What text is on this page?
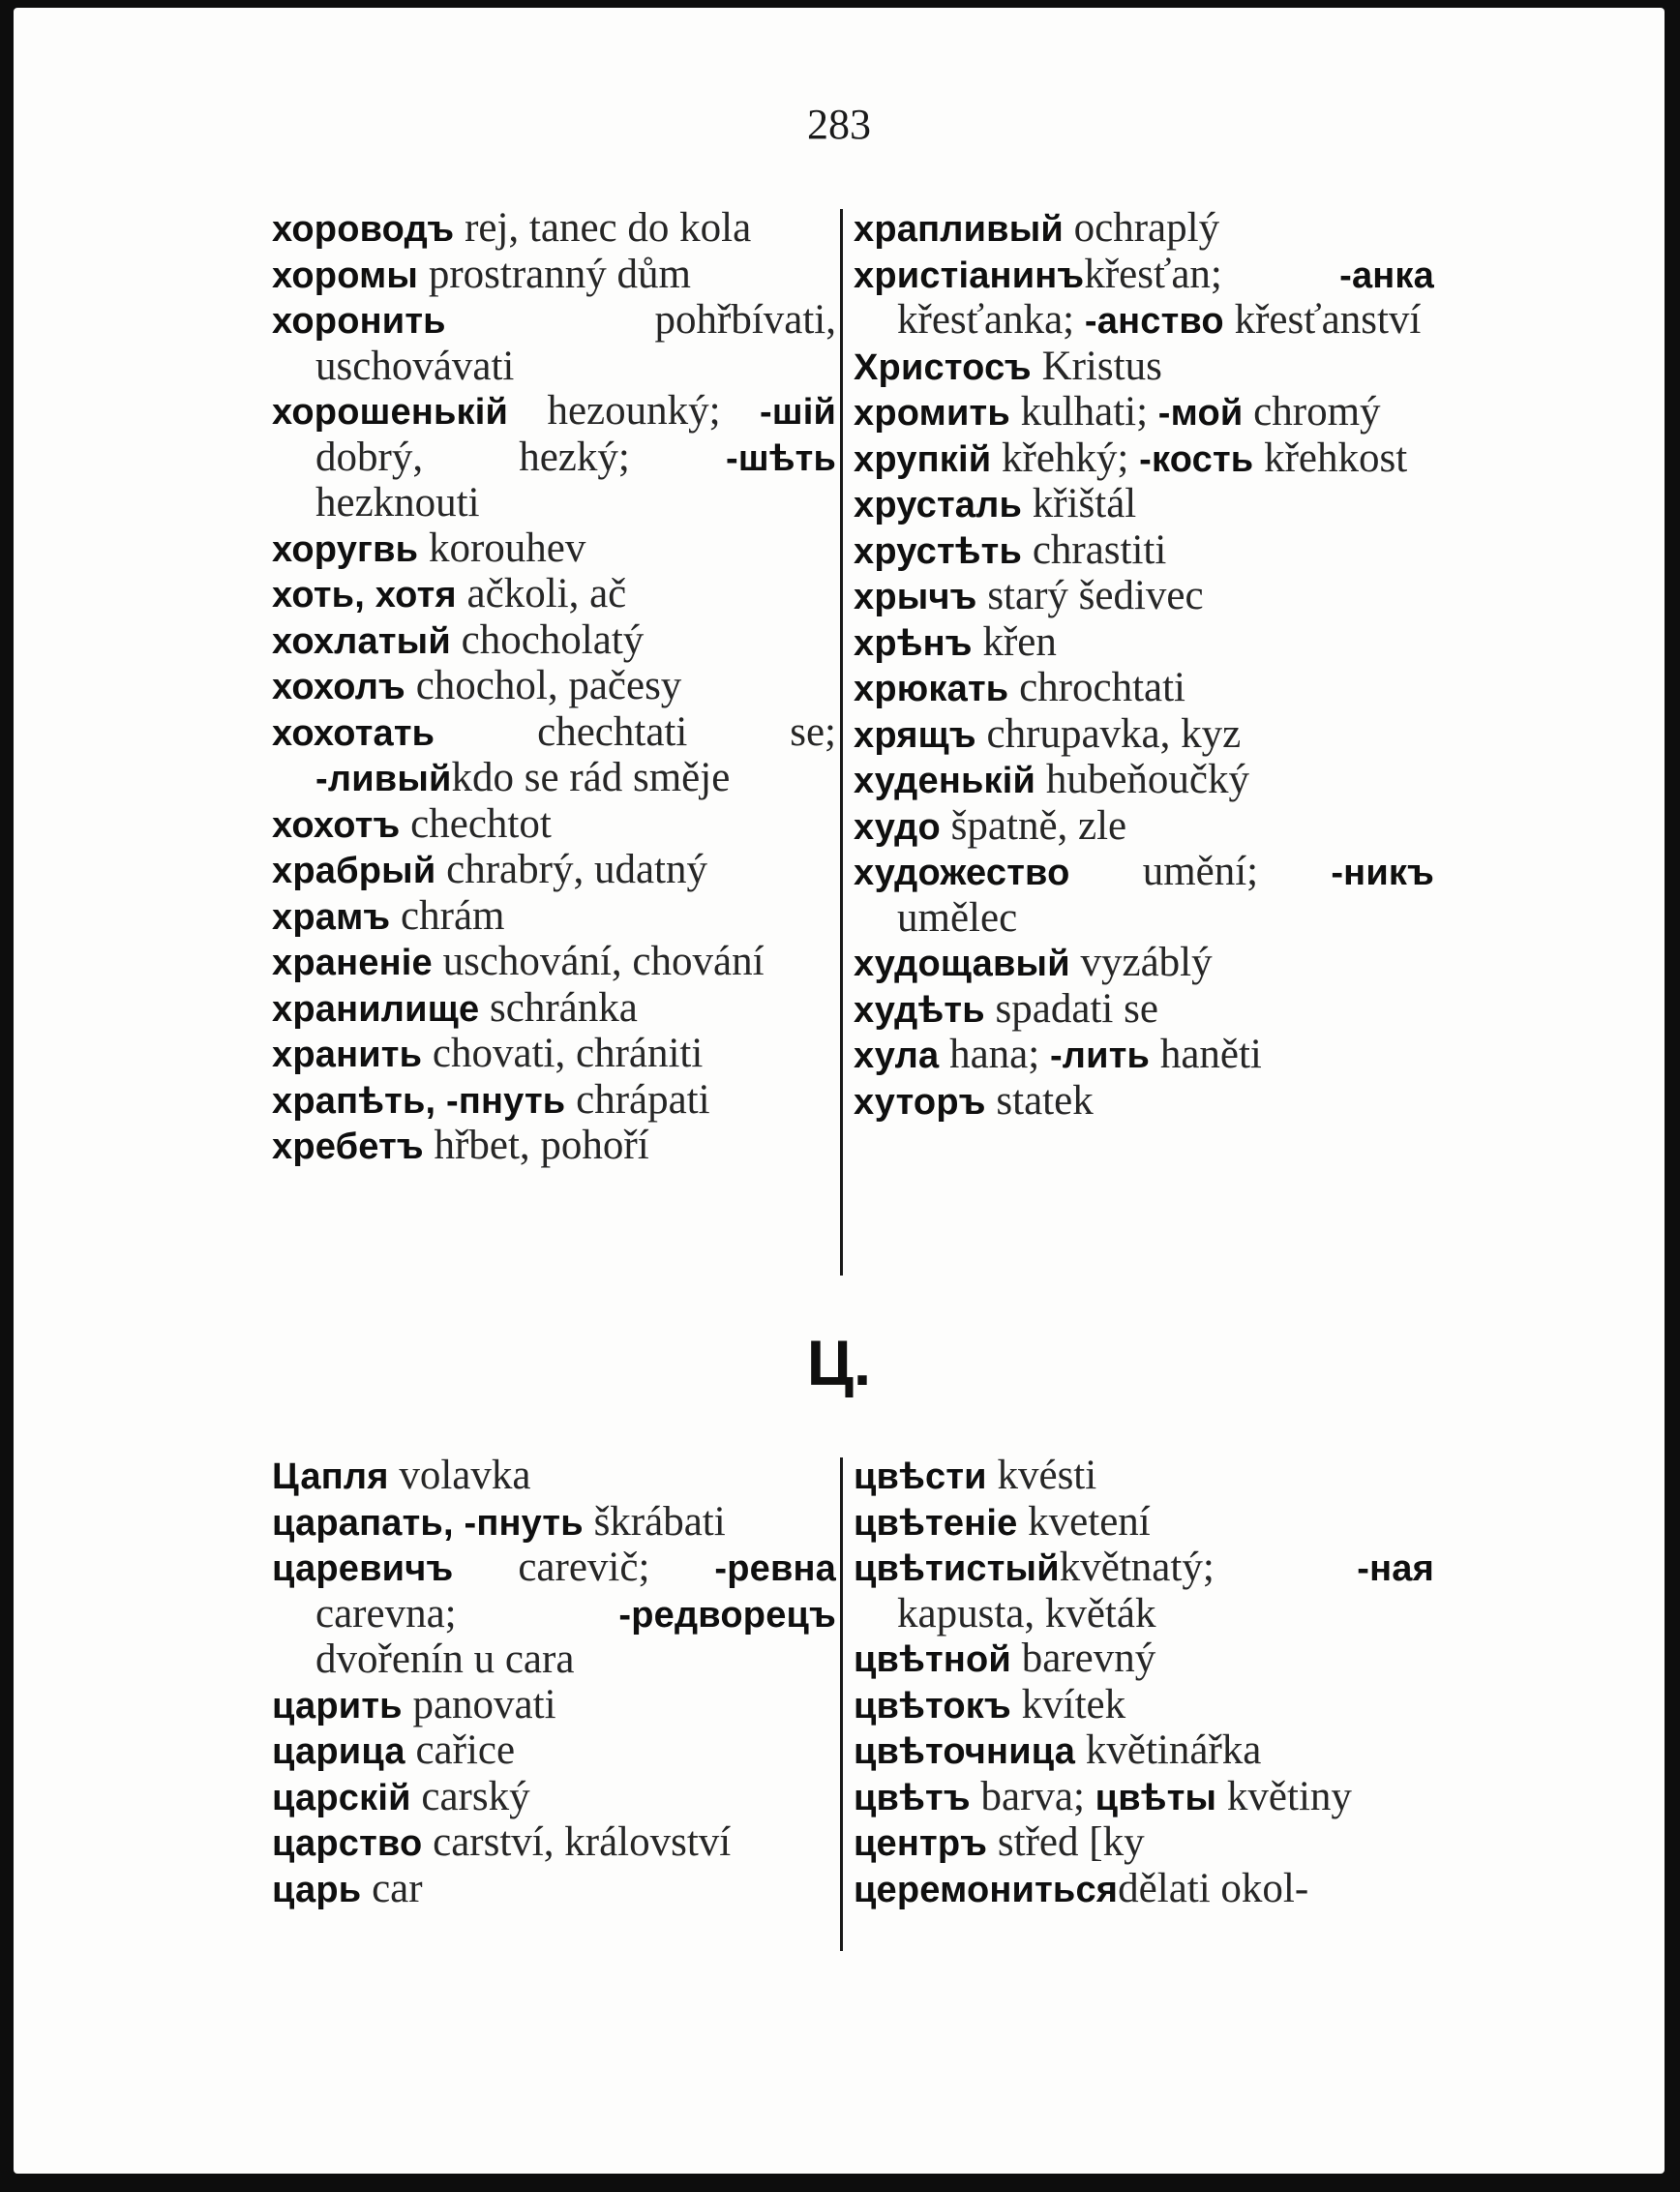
283
хороводъ rej, tanec do kola
хоромы prostranný dům
хоронить	pohřbívati, uschovávati
хорошенькій hezounký; -шій dobrý, hezký;	-шѣть hezknouti
хоругвь korouhev
хоть, хотя ačkoli, ač
хохлатый chocholatý
хохолъ chochol, pačesy
хохотать chechtati se; -ливыйkdo se rád směje
хохотъ chechtot
храбрый chrabrý, udatný
храмъ chrám
храненіе uschování, chování
хранилище schránka
хранить chovati, chrániti
храпѣть, -пнуть chrápati
хребетъ hřbet, pohoří
храпливый ochraplý
христіанинъkřesťan;	-анка křesťanka; -анство křesťanství
Христосъ Kristus
хромить kulhati; -мой chromý
хрупкій křehký; -кость křehkost
хрусталь křištál
хрустѣть chrastiti
хрычъ starý šedivec
хрѣнъ křen
хрюкать chrochtati
хрящъ chrupavka, kyz
худенькій hubeňoučký
худо špatně, zle
художество umění; -никъ umělec
худощавый vyzáblý
худѣть spadati se
хула hana; -лить haněti
хуторъ statek
Ц.
Цапля volavka
царапать, -пнуть škrábati
царевичъ carevič; -ревна carevna;	-редворецъ dvořenín u cara
царить panovati
царица cařice
царскій carský
царство carství, království
царь car
цвѣсти kvésti
цвѣтеніе kvetení
цвѣтистыйkvětnatý;	-ная kapusta, květák
цвѣтной barevný
цвѣтокъ kvítek
цвѣточница květinářka
цвѣтъ barva; цвѣты květiny
центръ střed [ky
церемонитьсяdělati okol-
